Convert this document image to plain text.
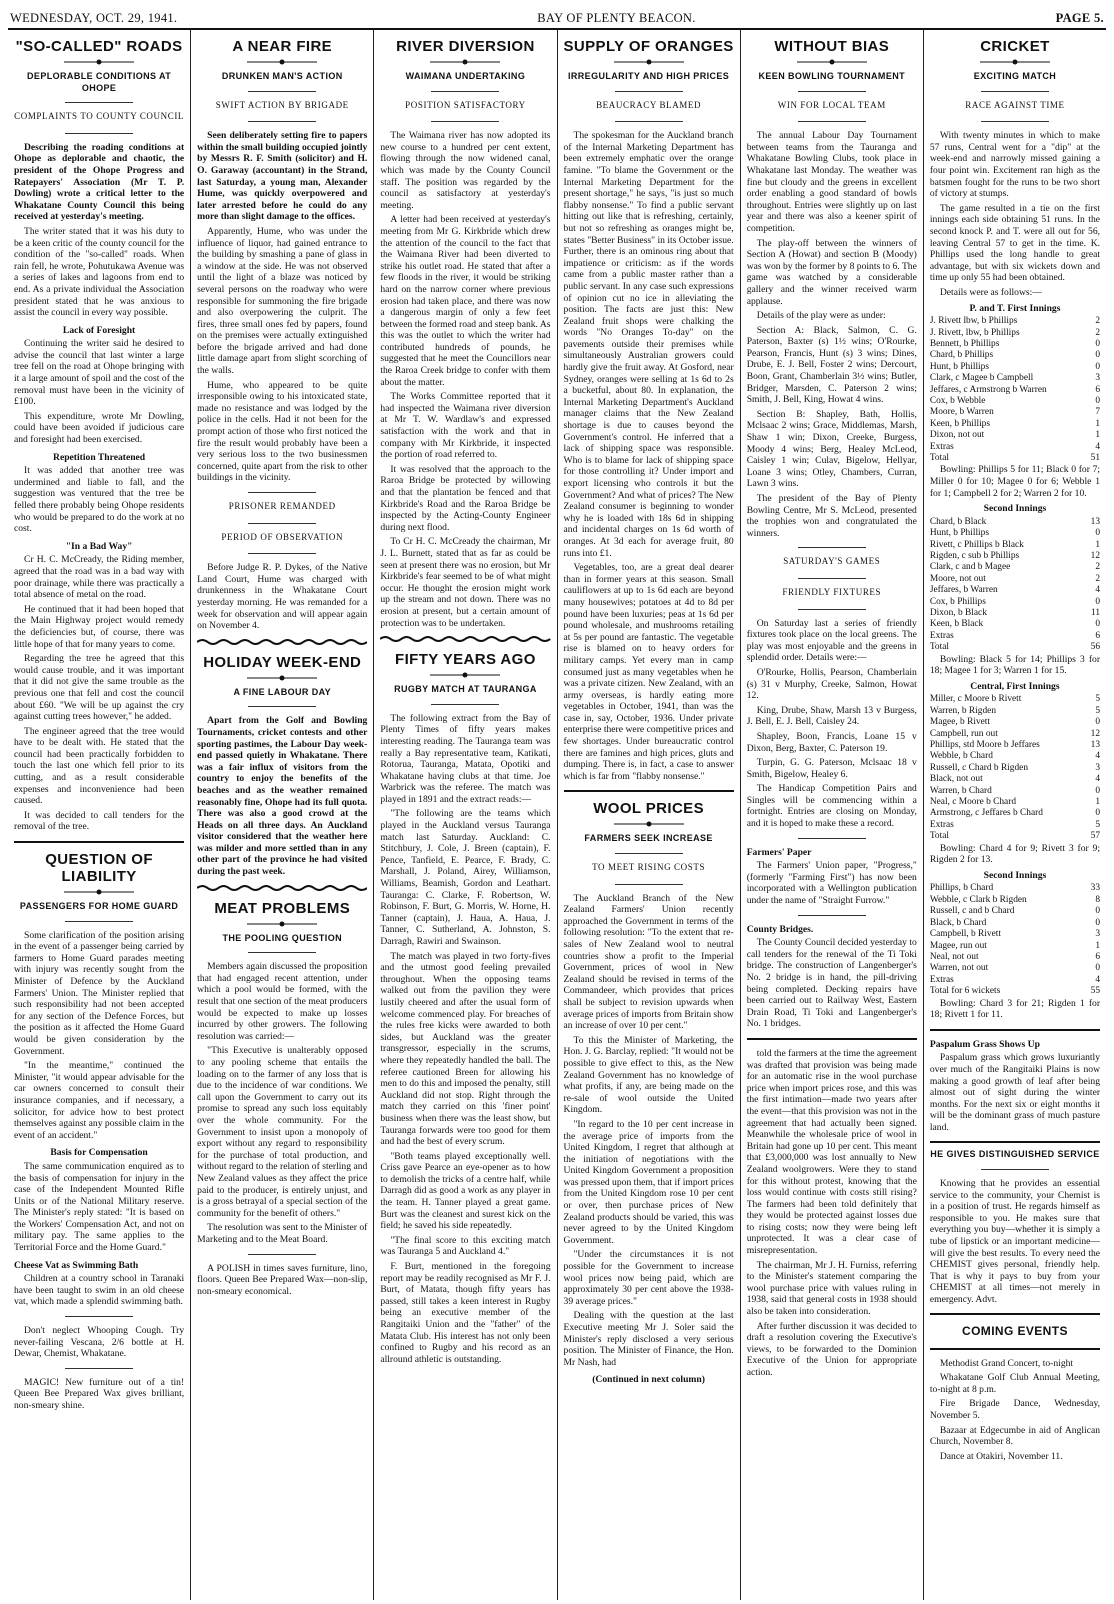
WEDNESDAY, OCT. 29, 1941.	BAY OF PLENTY BEACON.	PAGE 5.
"SO-CALLED" ROADS
DEPLORABLE CONDITIONS AT OHOPE
COMPLAINTS TO COUNTY COUNCIL

Describing the roading conditions at Ohope as deplorable and chaotic, the president of the Ohope Progress and Ratepayers' Association (Mr T. P. Dowling) wrote a critical letter to the Whakatane County Council this being received at yesterday's meeting.

The writer stated that it was his duty to be a keen critic of the county council for the condition of the "so-called" roads. When rain fell, he wrote, Pohutukawa Avenue was a series of lakes and lagoons from end to end. As a private individual the Association president stated that he was anxious to assist the council in every way possible.

Lack of Foresight

Continuing the writer said he desired to advise the council that last winter a large tree fell on the road at Ohope bringing with it a large amount of spoil and the cost of the removal must have been in the vicinity of £100.

This expenditure, wrote Mr Dowling, could have been avoided if judicious care and foresight had been exercised.

Repetition Threatened

It was added that another tree was undermined and liable to fall, and the suggestion was ventured that the tree be felled there probably being Ohope residents who would be prepared to do the work at no cost.

"In a Bad Way"

Cr H. C. McCready, the Riding member, agreed that the road was in a bad way with poor drainage, while there was practically a total absence of metal on the road.

He continued that it had been hoped that the Main Highway project would remedy the deficiencies but, of course, there was little hope of that for many years to come.

Regarding the tree he agreed that this would cause trouble, and it was important that it did not give the same trouble as the previous one that fell and cost the council about £60. "We will be up against the cry against cutting trees however," he added.

The engineer agreed that the tree would have to be dealt with. He stated that the council had been practically forbidden to touch the last one which fell prior to its cutting, and as a result considerable expenses and inconvenience had been caused.

It was decided to call tenders for the removal of the tree.

QUESTION OF LIABILITY
PASSENGERS FOR HOME GUARD

Some clarification of the position arising in the event of a passenger being carried by farmers to Home Guard parades meeting with injury was recently sought from the Minister of Defence by the Auckland Farmers' Union. The Minister replied that such responsibility had not been accepted for any section of the Defence Forces, but the position as it affected the Home Guard would be given consideration by the Government.

"In the meantime," continued the Minister, "it would appear advisable for the car owners concerned to consult their insurance companies, and if necessary, a solicitor, for advice how to best protect themselves against any possible claim in the event of an accident."

Basis for Compensation

The same communication enquired as to the basis of compensation for injury in the case of the Independent Mounted Rifle Units or of the National Military reserve. The Minister's reply stated: "It is based on the Workers' Compensation Act, and not on military pay. The same applies to the Territorial Force and the Home Guard."

Cheese Vat as Swimming Bath

Children at a country school in Taranaki have been taught to swim in an old cheese vat, which made a splendid swimming bath.

Don't neglect Whooping Cough. Try never-failing Vescana, 2/6 bottle at H. Dewar, Chemist, Whakatane.

MAGIC! New furniture out of a tin! Queen Bee Prepared Wax gives brilliant, non-smeary shine.

A NEAR FIRE
DRUNKEN MAN'S ACTION
SWIFT ACTION BY BRIGADE

Seen deliberately setting fire to papers within the small building occupied jointly by Messrs R. F. Smith (solicitor) and H. O. Garaway (accountant) in the Strand, last Saturday, a young man, Alexander Hume, was quickly overpowered and later arrested before he could do any more than slight damage to the offices.

Apparently, Hume, who was under the influence of liquor, had gained entrance to the building by smashing a pane of glass in a window at the side. He was not observed until the light of a blaze was noticed by several persons on the roadway who were responsible for summoning the fire brigade and also overpowering the culprit. The fires, three small ones fed by papers, found on the premises were actually extinguished before the brigade arrived and had done little damage apart from slight scorching of the walls.

Hume, who appeared to be quite irresponsible owing to his intoxicated state, made no resistance and was lodged by the police in the cells. Had it not been for the prompt action of those who first noticed the fire the result would probably have been a very serious loss to the two businessmen concerned, quite apart from the risk to other buildings in the vicinity.

PRISONER REMANDED
PERIOD OF OBSERVATION

Before Judge R. P. Dykes, of the Native Land Court, Hume was charged with drunkenness in the Whakatane Court yesterday morning. He was remanded for a week for observation and will appear again on November 4.

HOLIDAY WEEK-END
A FINE LABOUR DAY

Apart from the Golf and Bowling Tournaments, cricket contests and other sporting pastimes, the Labour Day week-end passed quietly in Whakatane. There was a fair influx of visitors from the country to enjoy the benefits of the beaches and as the weather remained reasonably fine, Ohope had its full quota. There was also a good crowd at the Heads on all three days. An Auckland visitor considered that the weather here was milder and more settled than in any other part of the province he had visited during the past week.

MEAT PROBLEMS
THE POOLING QUESTION

Members again discussed the proposition that had engaged recent attention, under which a pool would be formed, with the result that one section of the meat producers would be expected to make up losses incurred by other growers. The following resolution was carried:—

"This Executive is unalterably opposed to any pooling scheme that entails the loading on to the farmer of any loss that is due to the incidence of war conditions. We call upon the Government to carry out its promise to spread any such loss equitably over the whole community. For the Government to insist upon a monopoly of export without any regard to responsibility for the purchase of total production, and without regard to the relation of sterling and New Zealand values as they affect the price paid to the producer, is entirely unjust, and is a gross betrayal of a special section of the community for the benefit of others."

The resolution was sent to the Minister of Marketing and to the Meat Board.

A POLISH in times saves furniture, lino, floors. Queen Bee Prepared Wax—non-slip, non-smeary economical.

RIVER DIVERSION
WAIMANA UNDERTAKING
POSITION SATISFACTORY

The Waimana river has now adopted its new course to a hundred per cent extent, flowing through the now widened canal, which was made by the County Council staff. The position was regarded by the council as satisfactory at yesterday's meeting.

A letter had been received at yesterday's meeting from Mr G. Kirkbride which drew the attention of the council to the fact that the Waimana River had been diverted to strike his outlet road. He stated that after a few floods in the river, it would be striking hard on the narrow corner where previous erosion had taken place, and there was now a dangerous margin of only a few feet between the formed road and steep bank. As this was the outlet to which the writer had contributed hundreds of pounds, he suggested that he meet the Councillors near the Raroa Creek bridge to confer with them about the matter.

The Works Committee reported that it had inspected the Waimana river diversion at Mr T. W. Wardlaw's and expressed satisfaction with the work and that in company with Mr Kirkbride, it inspected the portion of road referred to.

It was resolved that the approach to the Raroa Bridge be protected by willowing and that the plantation be fenced and that Kirkbride's Road and the Raroa Bridge be inspected by the Acting-County Engineer during next flood.

To Cr H. C. McCready the chairman, Mr J. L. Burnett, stated that as far as could be seen at present there was no erosion, but Mr Kirkbride's fear seemed to be of what might occur. He thought the erosion might work up the stream and not down. There was no erosion at present, but a certain amount of protection was to be undertaken.

FIFTY YEARS AGO
RUGBY MATCH AT TAURANGA

The following extract from the Bay of Plenty Times of fifty years makes interesting reading. The Tauranga team was really a Bay representative team, Katikati, Rotorua, Tauranga, Matata, Opotiki and Whakatane having clubs at that time. Joe Warbrick was the referee. The match was played in 1891 and the extract reads:—

"The following are the teams which played in the Auckland versus Tauranga match last Saturday. Auckland: C. Stitchbury, J. Cole, J. Breen (captain), F. Pence, Tanfield, E. Pearce, F. Brady, C. Marshall, J. Poland, Airey, Williamson, Williams, Beamish, Gordon and Leathart. Tauranga: C. Clarke, F. Robertson, W. Robinson, F. Burt, G. Morris, W. Horne, H. Tanner (captain), J. Haua, A. Haua, J. Tanner, C. Sutherland, A. Johnston, S. Darragh, Rawiri and Swainson.

The match was played in two forty-fives and the utmost good feeling prevailed throughout. When the opposing teams walked out from the pavilion they were lustily cheered and after the usual form of welcome commenced play. For breaches of the rules free kicks were awarded to both sides, but Auckland was the greater transgressor, especially in the scrums, where they repeatedly handled the ball. The referee cautioned Breen for allowing his men to do this and imposed the penalty, still Auckland did not stop. Right through the match they carried on this 'finer point' business when there was the least show, but Tauranga forwards were too good for them and had the best of every scrum.

"Both teams played exceptionally well. Criss gave Pearce an eye-opener as to how to demolish the tricks of a centre half, while Darragh did as good a work as any player in the team. H. Tanner played a great game. Burt was the cleanest and surest kick on the field; he saved his side repeatedly.

"The final score to this exciting match was Tauranga 5 and Auckland 4."

F. Burt, mentioned in the foregoing report may be readily recognised as Mr F. J. Burt, of Matata, though fifty years has passed, still takes a keen interest in Rugby being an executive member of the Rangitaiki Union and the "father" of the Matata Club. His interest has not only been confined to Rugby and his record as an allround athletic is outstanding.

SUPPLY OF ORANGES
IRREGULARITY AND HIGH PRICES
BEAUCRACY BLAMED

The spokesman for the Auckland branch of the Internal Marketing Department has been extremely emphatic over the orange famine. "To blame the Government or the Internal Marketing Department for the present shortage," he says, "is just so much flabby nonsense." To find a public servant hitting out like that is refreshing, certainly, but not so refreshing as oranges might be, states "Better Business" in its October issue. Further, there is an ominous ring about that impatience or criticism: as if the words came from a public master rather than a public servant. In any case such expressions of opinion cut no ice in alleviating the position. The facts are just this: New Zealand fruit shops were chalking the words "No Oranges To-day" on the pavements outside their premises while simultaneously Australian growers could hardly give the fruit away. At Gosford, near Sydney, oranges were selling at 1s 6d to 2s a bucketful, about 80. In explanation, the Internal Marketing Department's Auckland manager claims that the New Zealand shortage is due to causes beyond the Government's control. He inferred that a lack of shipping space was responsible. Who is to blame for lack of shipping space for those controlling it? Under import and export licensing who controls it but the Government? And what of prices? The New Zealand consumer is beginning to wonder why he is loaded with 18s 6d in shipping and incidental charges on 1s 6d worth of oranges. At 3d each for average fruit, 80 runs into £1.

Vegetables, too, are a great deal dearer than in former years at this season. Small cauliflowers at up to 1s 6d each are beyond many housewives; potatoes at 4d to 8d per pound have been luxuries; peas at 1s 6d per pound wholesale, and mushrooms retailing at 5s per pound are fantastic. The vegetable rise is blamed on to heavy orders for military camps. Yet every man in camp consumed just as many vegetables when he was a private citizen. New Zealand, with an army overseas, is hardly eating more vegetables in October, 1941, than was the case in, say, October, 1936. Under private enterprise there were competitive prices and few shortages. Under bureaucratic control there are famines and high prices, gluts and dumping. There is, in fact, a case to answer which is far from "flabby nonsense."

WOOL PRICES
FARMERS SEEK INCREASE
TO MEET RISING COSTS

The Auckland Branch of the New Zealand Farmers' Union recently approached the Government in terms of the following resolution: "To the extent that re-sales of New Zealand wool to neutral countries show a profit to the Imperial Government, prices of wool in New Zealand should be revised in terms of the Commandeer, which provides that prices shall be subject to revision upwards when average prices of imports from Britain show an increase of over 10 per cent."

To this the Minister of Marketing, the Hon. J. G. Barclay, replied: "It would not be possible to give effect to this, as the New Zealand Government has no knowledge of what profits, if any, are being made on the re-sale of wool outside the United Kingdom.

"In regard to the 10 per cent increase in the average price of imports from the United Kingdom, I regret that although at the initiation of negotiations with the United Kingdom Government a proposition was pressed upon them, that if import prices from the United Kingdom rose 10 per cent or over, then purchase prices of New Zealand products should be varied, this was never agreed to by the United Kingdom Government.

"Under the circumstances it is not possible for the Government to increase wool prices now being paid, which are approximately 30 per cent above the 1938-39 average prices."

Dealing with the question at the last Executive meeting Mr J. Soler said the Minister's reply disclosed a very serious position. The Minister of Finance, the Hon. Mr Nash, had

(Continued in next column)
WITHOUT BIAS
KEEN BOWLING TOURNAMENT
WIN FOR LOCAL TEAM

The annual Labour Day Tournament between teams from the Tauranga and Whakatane Bowling Clubs, took place in Whakatane last Monday. The weather was fine but cloudy and the greens in excellent order enabling a good standard of bowls throughout. Entries were slightly up on last year and there was also a keener spirit of competition.

The play-off between the winners of Section A (Howat) and section B (Moody) was won by the former by 8 points to 6. The game was watched by a considerable gallery and the winner received warm applause.

Details of the play were as under:

Section A: Black, Salmon, C. G. Paterson, Baxter (s) 1½ wins; O'Rourke, Pearson, Francis, Hunt (s) 3 wins; Dines, Drube, E. J. Bell, Foster 2 wins; Dercourt, Boon, Grant, Chamberlain 3½ wins; Butler, Bridger, Marsden, C. Paterson 2 wins; Smith, J. Bell, King, Howat 4 wins.

Section B: Shapley, Bath, Hollis, Mclsaac 2 wins; Grace, Middlemas, Marsh, Shaw 1 win; Dixon, Creeke, Burgess, Moody 4 wins; Berg, Healey McLeod, Caisley 1 win; Culav, Bigelow, Hellyar, Loane 3 wins; Otley, Chambers, Curran, Lawn 3 wins.

The president of the Bay of Plenty Bowling Centre, Mr S. McLeod, presented the trophies won and congratulated the winners.

SATURDAY'S GAMES
FRIENDLY FIXTURES

On Saturday last a series of friendly fixtures took place on the local greens. The play was most enjoyable and the greens in splendid order. Details were:—

O'Rourke, Hollis, Pearson, Chamberlain (s) 31 v Murphy, Creeke, Salmon, Howat 12.

King, Drube, Shaw, Marsh 13 v Burgess, J. Bell, E. J. Bell, Caisley 24.

Shapley, Boon, Francis, Loane 15 v Dixon, Berg, Baxter, C. Paterson 19.

Turpin, G. G. Paterson, Mclsaac 18 v Smith, Bigelow, Healey 6.

The Handicap Competition Pairs and Singles will be commencing within a fortnight. Entries are closing on Monday, and it is hoped to make these a record.

Farmers' Paper

The Farmers' Union paper, "Progress," (formerly "Farming First") has now been incorporated with a Wellington publication under the name of "Straight Furrow."

County Bridges.

The County Council decided yesterday to call tenders for the renewal of the Ti Toki bridge. The construction of Langenberger's No. 2 bridge is in hand, the pill-driving being completed. Decking repairs have been carried out to Railway West, Eastern Drain Road, Ti Toki and Langenberger's No. 1 bridges.

told the farmers at the time the agreement was drafted that provision was being made for an automatic rise in the wool purchase price when import prices rose, and this was the first intimation—made two years after the event—that this provision was not in the agreement that had actually been signed. Meanwhile the wholesale price of wool in Britain had gone up 10 per cent. This meant that £3,000,000 was lost annually to New Zealand woolgrowers. Were they to stand for this without protest, knowing that the loss would continue with costs still rising? The farmers had been told definitely that they would be protected against losses due to rising costs; now they were being left unprotected. It was a clear case of misrepresentation.

The chairman, Mr J. H. Furniss, referring to the Minister's statement comparing the wool purchase price with values ruling in 1938, said that general costs in 1938 should also be taken into consideration.

After further discussion it was decided to draft a resolution covering the Executive's views, to be forwarded to the Dominion Executive of the Union for appropriate action.

CRICKET
EXCITING MATCH
RACE AGAINST TIME

With twenty minutes in which to make 57 runs, Central went for a "dip" at the week-end and narrowly missed gaining a four point win. Excitement ran high as the batsmen fought for the runs to be two short of victory at stumps.

The game resulted in a tie on the first innings each side obtaining 51 runs. In the second knock P. and T. were all out for 56, leaving Central 57 to get in the time. K. Phillips used the long handle to great advantage, but with six wickets down and time up only 55 had been obtained.

Details were as follows:—

P. and T. First Innings
J. Rivett lbw, b Phillips	2
J. Rivett, lbw, b Phillips	2
Bennett, b Phillips	0
Chard, b Phillips	0
Hunt, b Phillips	0
Clark, c Magee b Campbell	3
Jeffares, c Armstrong b Warren	6
Cox, b Webble	0
Moore, b Warren	7
Keen, b Phillips	1
Dixon, not out	1
Extras	4
Total	51

Bowling: Phillips 5 for 11; Black 0 for 7; Miller 0 for 10; Magee 0 for 6; Webble 1 for 1; Campbell 2 for 2; Warren 2 for 10.

Second Innings
Chard, b Black	13
Hunt, b Phillips	0
Rivett, c Phillips b Black	1
Rigden, c sub b Phillips	12
Clark, c and b Magee	2
Moore, not out	2
Jeffares, b Warren	4
Cox, b Phillips	0
Dixon, b Black	11
Keen, b Black	0
Extras	6
Total	56

Bowling: Black 5 for 14; Phillips 3 for 18; Magee 1 for 3; Warren 1 for 15.

Central, First Innings
Miller, c Moore b Rivett	5
Warren, b Rigden	5
Magee, b Rivett	0
Campbell, run out	12
Phillips, std Moore b Jeffares	13
Webble, b Chard	4
Russell, c Chard b Rigden	3
Black, not out	4
Warren, b Chard	0
Neal, c Moore b Chard	1
Armstrong, c Jeffares b Chard	0
Extras	5
Total	57

Bowling: Chard 4 for 9; Rivett 3 for 9; Rigden 2 for 13.

Second Innings
Phillips, b Chard	33
Webble, c Clark b Rigden	8
Russell, c and b Chard	0
Black, b Chard	0
Campbell, b Rivett	3
Magee, run out	1
Neal, not out	6
Warren, not out	0
Extras	4
Total for 6 wickets	55

Bowling: Chard 3 for 21; Rigden 1 for 18; Rivett 1 for 11.

Paspalum Grass Shows Up

Paspalum grass which grows luxuriantly over much of the Rangitaiki Plains is now making a good growth of leaf after being almost out of sight during the winter months. For the next six or eight months it will be the dominant grass of much pasture land.

HE GIVES DISTINGUISHED SERVICE

Knowing that he provides an essential service to the community, your Chemist is in a position of trust. He regards himself as responsible to you. He makes sure that everything you buy—whether it is simply a tube of lipstick or an important medicine—will give the best results. To every need the CHEMIST gives personal, friendly help. That is why it pays to buy from your CHEMIST at all times—not merely in emergency. Advt.

COMING EVENTS

Methodist Grand Concert, to-night

Whakatane Golf Club Annual Meeting, to-night at 8 p.m.

Fire Brigade Dance, Wednesday, November 5.

Bazaar at Edgecumbe in aid of Anglican Church, November 8.

Dance at Otakiri, November 11.
